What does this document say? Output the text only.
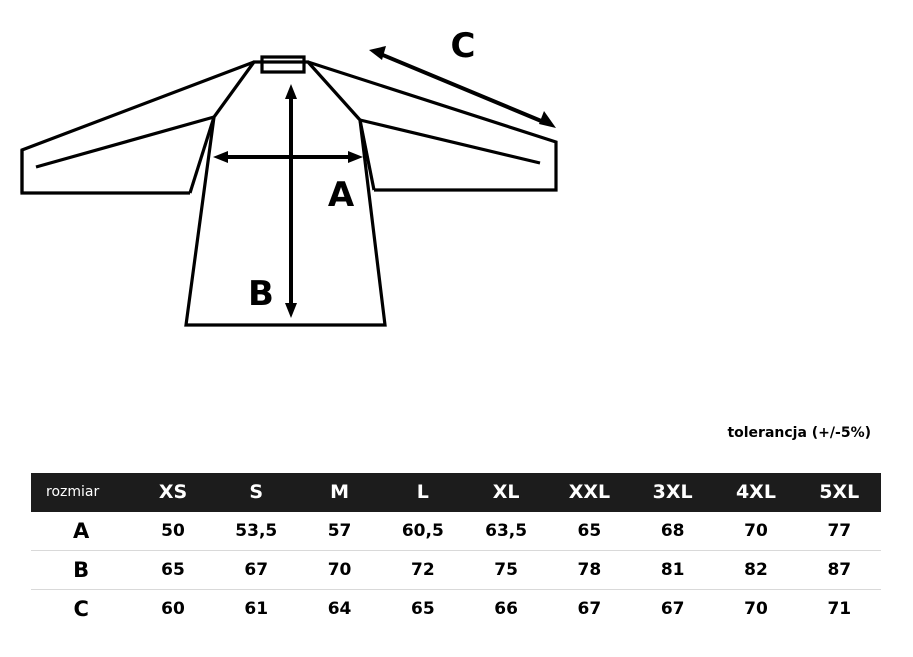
A
B
C
tolerancja (+/-5%)
rozmiar	XS	S	M	L	XL	XXL	3XL	4XL	5XL
A	50	53,5	57	60,5	63,5	65	68	70	77
B	65	67	70	72	75	78	81	82	87
C	60	61	64	65	66	67	67	70	71
